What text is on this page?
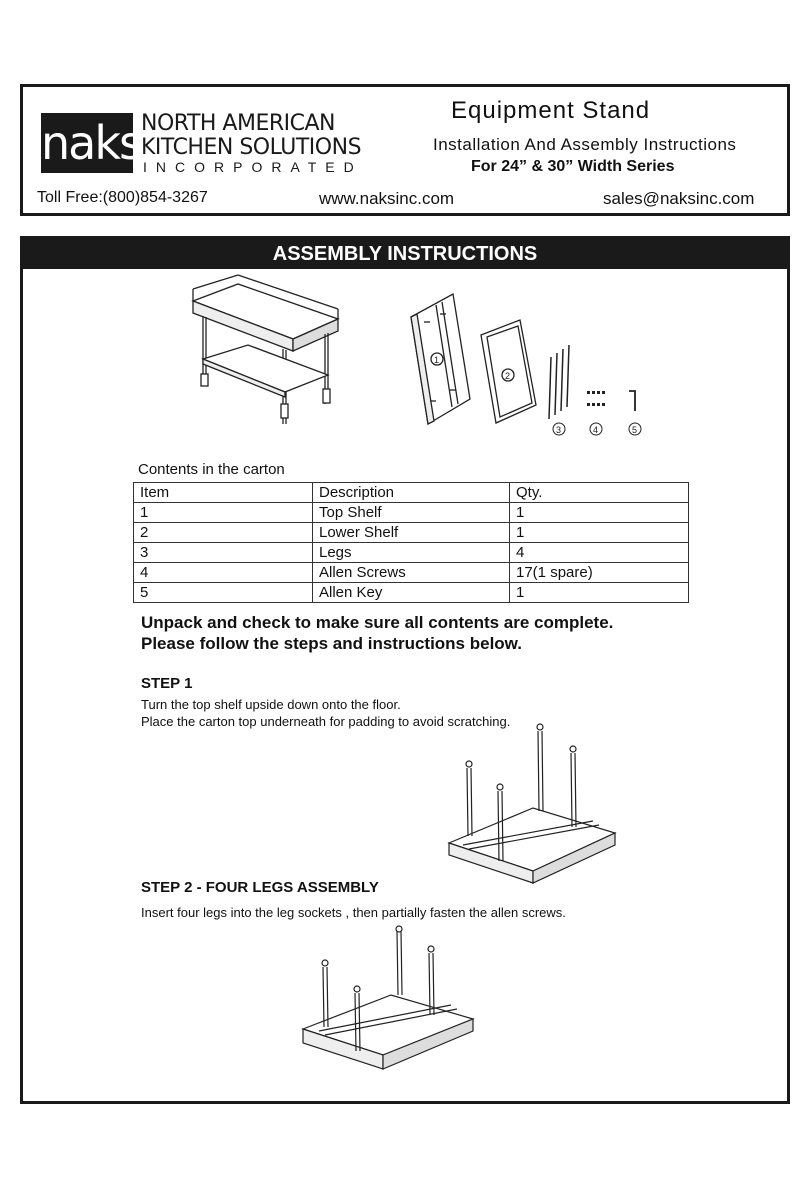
naks NORTH AMERICAN
KITCHEN SOLUTIONS
INCORPORATED
Equipment Stand
Installation And Assembly Instructions
For 24” & 30” Width Series
Toll Free:(800)854-3267	www.naksinc.com	sales@naksinc.com
ASSEMBLY INSTRUCTIONS
1
2
3	4	5
Contents in the carton
Item	Description	Qty.
1	Top Shelf	1
2	Lower Shelf	1
3	Legs	4
4	Allen Screws	17(1 spare)
5	Allen Key	1
Unpack and check to make sure all contents are complete.
Please follow the steps and instructions below.
STEP 1
Turn the top shelf upside down onto the floor.
Place the carton top underneath for padding to avoid scratching.
STEP 2 - FOUR LEGS ASSEMBLY
Insert four legs into the leg sockets , then partially fasten the allen screws.
